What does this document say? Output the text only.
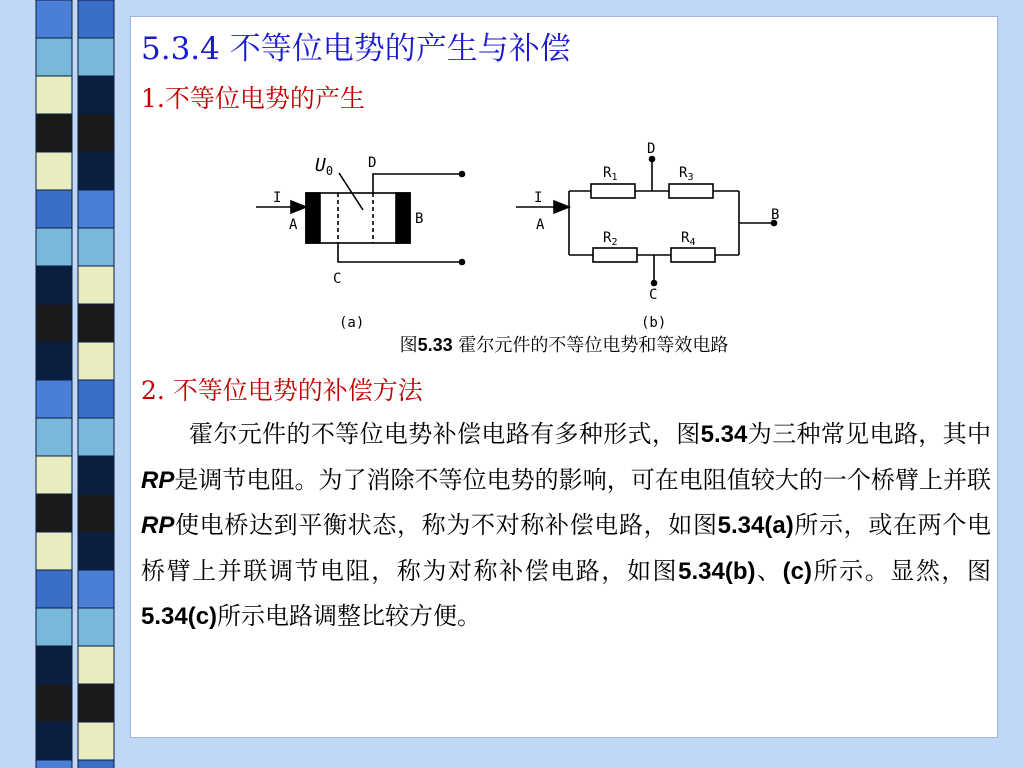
5.3.4 不等位电势的产生与补偿
1.不等位电势的产生
$U_0$ D
I
A	B
C
(a)
D
I
A
B
C
$R_1$	$R_3$
$R_2$	$R_4$
(b)
图5.33 霍尔元件的不等位电势和等效电路
2. 不等位电势的补偿方法

霍尔元件的不等位电势补偿电路有多种形式，图5.34为三种常见电路，其中RP是调节电阻。为了消除不等位电势的影响，可在电阻值较大的一个桥臂上并联RP使电桥达到平衡状态，称为不对称补偿电路，如图5.34(a)所示，或在两个电桥臂上并联调节电阻，称为对称补偿电路，如图5.34(b)、(c)所示。显然，图5.34(c)所示电路调整比较方便。
